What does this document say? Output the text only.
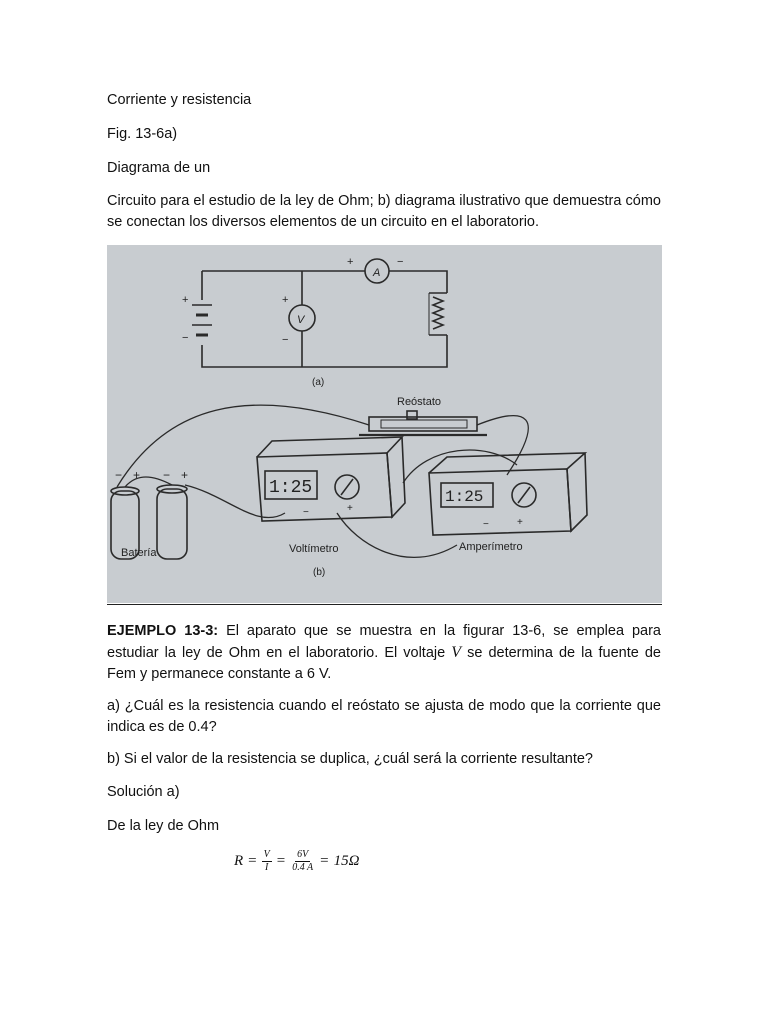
Corriente y resistencia

Fig. 13-6a)

Diagrama de un

Circuito para el estudio de la ley de Ohm; b) diagrama ilustrativo que demuestra cómo se conectan los diversos elementos de un circuito en el laboratorio.

A
V
+	−
+
−
+
−
(a)
Reóstato
− + − +
1:25	1:25
−	+
−	+
Batería	Voltímetro	Amperímetro
(b)

EJEMPLO 13-3: El aparato que se muestra en la figurar 13-6, se emplea para estudiar la ley de Ohm en el laboratorio. El voltaje V se determina de la fuente de Fem y permanece constante a 6 V.

a) ¿Cuál es la resistencia cuando el reóstato se ajusta de modo que la corriente que indica es de 0.4?

b) Si el valor de la resistencia se duplica, ¿cuál será la corriente resultante?

Solución a)

De la ley de Ohm

$R = \frac{V}{I} = \frac{6V}{0.4 A} = 15\Omega$
